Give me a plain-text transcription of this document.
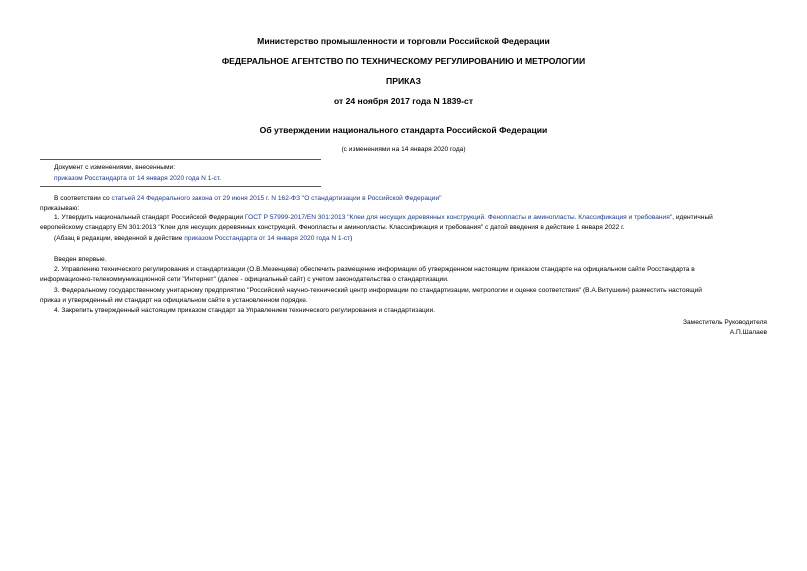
Министерство промышленности и торговли Российской Федерации
ФЕДЕРАЛЬНОЕ АГЕНТСТВО ПО ТЕХНИЧЕСКОМУ РЕГУЛИРОВАНИЮ И МЕТРОЛОГИИ
ПРИКАЗ
от 24 ноября 2017 года N 1839-ст
Об утверждении национального стандарта Российской Федерации
(с изменениями на 14 января 2020 года)
Документ с изменениями, внесенными:
приказом Росстандарта от 14 января 2020 года N 1-ст.
В соответствии со статьей 24 Федерального закона от 29 июня 2015 г. N 162-ФЗ "О стандартизации в Российской Федерации"
приказываю:
1. Утвердить национальный стандарт Российской Федерации ГОСТ Р 57999-2017/EN 301:2013 "Клеи для несущих деревянных конструкций. Фенопласты и аминопласты. Классификация и требования", идентичный
европейскому стандарту EN 301:2013 "Клеи для несущих деревянных конструкций. Фенопласты и аминопласты. Классификация и требования" с датой введения в действие 1 января 2022 г.
(Абзац в редакции, введенной в действие приказом Росстандарта от 14 января 2020 года N 1-ст)
Введен впервые.
2. Управлению технического регулирования и стандартизации (О.В.Мезенцева) обеспечить размещение информации об утвержденном настоящим приказом стандарте на официальном сайте Росстандарта в
информационно-телекоммуникационной сети "Интернет" (далее - официальный сайт) с учетом законодательства о стандартизации.
3. Федеральному государственному унитарному предприятию "Российский научно-технический центр информации по стандартизации, метрологии и оценке соответствия" (В.А.Витушкин) разместить настоящий
приказ и утвержденный им стандарт на официальном сайте в установленном порядке.
4. Закрепить утвержденный настоящим приказом стандарт за Управлением технического регулирования и стандартизации.
Заместитель Руководителя
А.П.Шалаев
